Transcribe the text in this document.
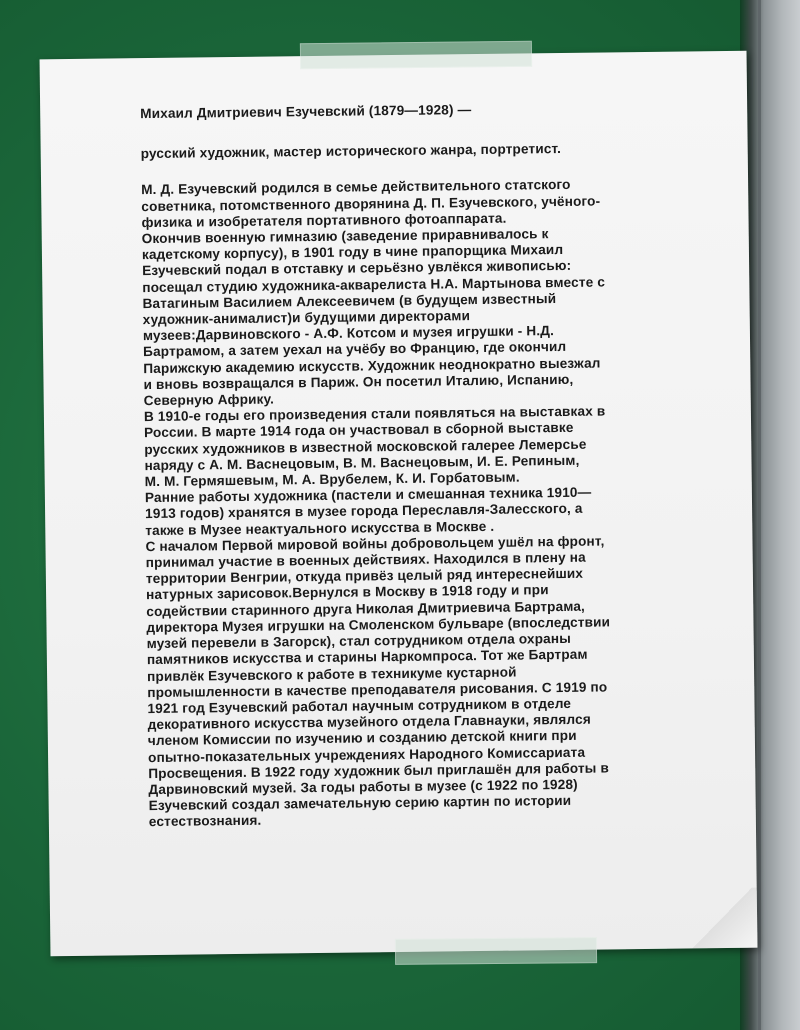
Михаил Дмитриевич Езучевский (1879—1928) —
русский художник, мастер исторического жанра, портретист.
М. Д. Езучевский родился в семье действительного статского
советника, потомственного дворянина Д. П. Езучевского, учёного-
физика и изобретателя портативного фотоаппарата.
Окончив военную гимназию (заведение приравнивалось к
кадетскому корпусу), в 1901 году в чине прапорщика Михаил
Езучевский подал в отставку и серьёзно увлёкся живописью:
посещал студию художника-акварелиста Н.А. Мартынова вместе с
Ватагиным Василием Алексеевичем (в будущем известный
художник-анималист)и будущими директорами
музеев:Дарвиновского - А.Ф. Котсом и музея игрушки - Н.Д.
Бартрамом, а затем уехал на учёбу во Францию, где окончил
Парижскую академию искусств. Художник неоднократно выезжал
и вновь возвращался в Париж. Он посетил Италию, Испанию,
Северную Африку.
В 1910-е годы его произведения стали появляться на выставках в
России. В марте 1914 года он участвовал в сборной выставке
русских художников в известной московской галерее Лемерсье
наряду с А. М. Васнецовым, В. М. Васнецовым, И. Е. Репиным,
М. М. Гермяшевым, М. А. Врубелем, К. И. Горбатовым.
Ранние работы художника (пастели и смешанная техника 1910—
1913 годов) хранятся в музее города Переславля-Залесского, а
также в Музее неактуального искусства в Москве .
С началом Первой мировой войны добровольцем ушёл на фронт,
принимал участие в военных действиях. Находился в плену на
территории Венгрии, откуда привёз целый ряд интереснейших
натурных зарисовок.Вернулся в Москву в 1918 году и при
содействии старинного друга Николая Дмитриевича Бартрама,
директора Музея игрушки на Смоленском бульваре (впоследствии
музей перевели в Загорск), стал сотрудником отдела охраны
памятников искусства и старины Наркомпроса. Тот же Бартрам
привлёк Езучевского к работе в техникуме кустарной
промышленности в качестве преподавателя рисования. С 1919 по
1921 год Езучевский работал научным сотрудником в отделе
декоративного искусства музейного отдела Главнауки, являлся
членом Комиссии по изучению и созданию детской книги при
опытно-показательных учреждениях Народного Комиссариата
Просвещения. В 1922 году художник был приглашён для работы в
Дарвиновский музей. За годы работы в музее (с 1922 по 1928)
Езучевский создал замечательную серию картин по истории
естествознания.
